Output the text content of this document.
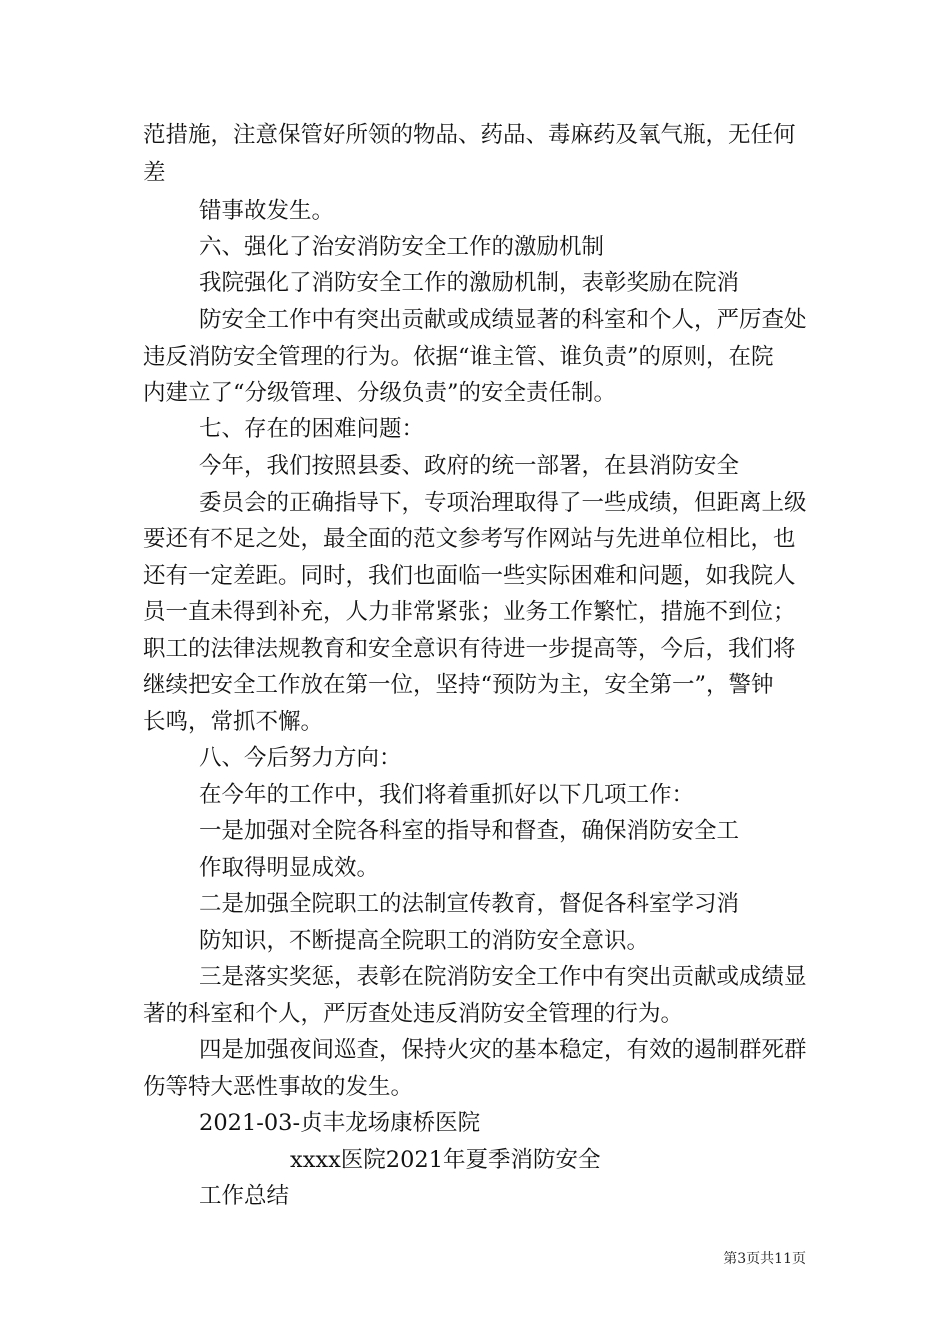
范措施，注意保管好所领的物品、药品、毒麻药及氧气瓶，无任何
差
错事故发生。
六、强化了治安消防安全工作的激励机制
我院强化了消防安全工作的激励机制，表彰奖励在院消
防安全工作中有突出贡献或成绩显著的科室和个人，严厉查处
违反消防安全管理的行为。依据“谁主管、谁负责”的原则，在院
内建立了“分级管理、分级负责”的安全责任制。
七、存在的困难问题：
今年，我们按照县委、政府的统一部署，在县消防安全
委员会的正确指导下，专项治理取得了一些成绩，但距离上级
要还有不足之处，最全面的范文参考写作网站与先进单位相比，也
还有一定差距。同时，我们也面临一些实际困难和问题，如我院人
员一直未得到补充，人力非常紧张；业务工作繁忙，措施不到位；
职工的法律法规教育和安全意识有待进一步提高等，今后，我们将
继续把安全工作放在第一位，坚持“预防为主，安全第一”，警钟
长鸣，常抓不懈。
八、今后努力方向：
在今年的工作中，我们将着重抓好以下几项工作：
一是加强对全院各科室的指导和督查，确保消防安全工
作取得明显成效。
二是加强全院职工的法制宣传教育，督促各科室学习消
防知识，不断提高全院职工的消防安全意识。
三是落实奖惩，表彰在院消防安全工作中有突出贡献或成绩显
著的科室和个人，严厉查处违反消防安全管理的行为。
四是加强夜间巡查，保持火灾的基本稳定，有效的遏制群死群
伤等特大恶性事故的发生。
2021-03-贞丰龙场康桥医院
xxxx医院2021年夏季消防安全
工作总结
第3页共11页
